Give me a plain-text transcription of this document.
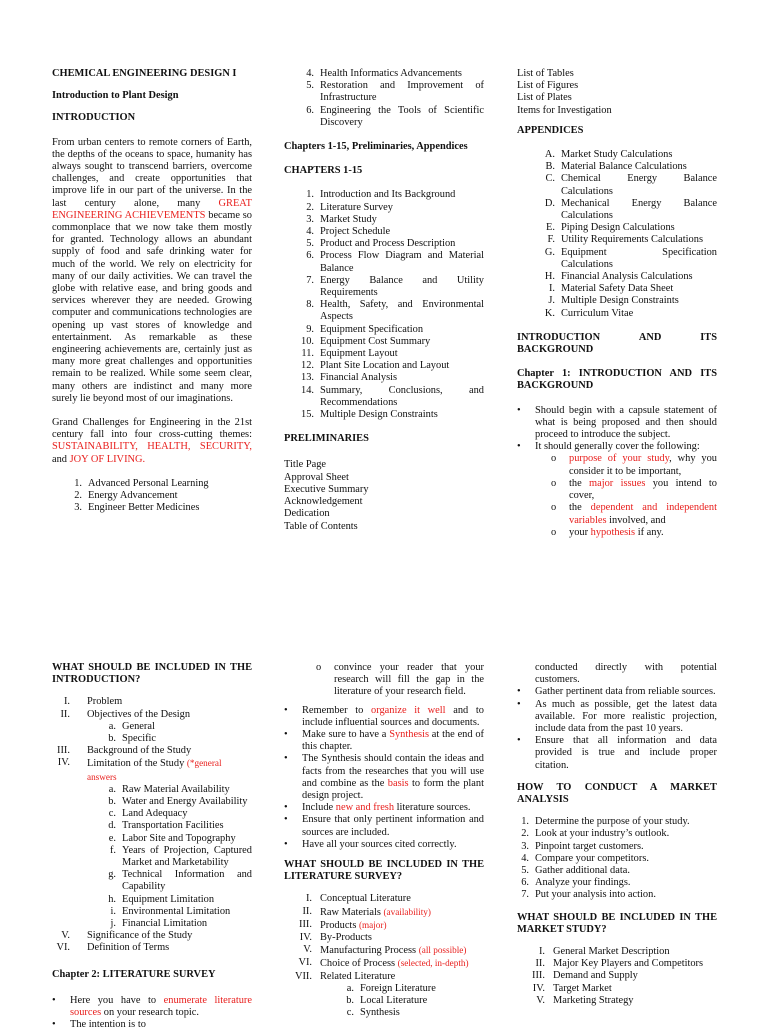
CHEMICAL ENGINEERING DESIGN I

Introduction to Plant Design

INTRODUCTION

From urban centers to remote corners of Earth, the depths of the oceans to space, humanity has always sought to transcend barriers, overcome challenges, and create opportunities that improve life in our part of the universe. In the last century alone, many GREAT ENGINEERING ACHIEVEMENTS became so commonplace that we now take them mostly for granted. Technology allows an abundant supply of food and safe drinking water for much of the world. We rely on electricity for many of our daily activities. We can travel the globe with relative ease, and bring goods and services wherever they are needed. Growing computer and communications technologies are opening up vast stores of knowledge and entertainment. As remarkable as these engineering achievements are, certainly just as many more great challenges and opportunities remain to be realized. While some seem clear, many others are indistinct and many more surely lie beyond most of our imaginations.

Grand Challenges for Engineering in the 21st century fall into four cross-cutting themes: SUSTAINABILITY, HEALTH, SECURITY, and JOY OF LIVING.

1. Advanced Personal Learning
2. Energy Advancement
3. Engineer Better Medicines
4. Health Informatics Advancements
5. Restoration and Improvement of Infrastructure
6. Engineering the Tools of Scientific Discovery

Chapters 1-15, Preliminaries, Appendices

CHAPTERS 1-15

1. Introduction and Its Background
2. Literature Survey
3. Market Study
4. Project Schedule
5. Product and Process Description
6. Process Flow Diagram and Material Balance
7. Energy Balance and Utility Requirements
8. Health, Safety, and Environmental Aspects
9. Equipment Specification
10. Equipment Cost Summary
11. Equipment Layout
12. Plant Site Location and Layout
13. Financial Analysis
14. Summary, Conclusions, and Recommendations
15. Multiple Design Constraints

PRELIMINARIES

Title Page
Approval Sheet
Executive Summary
Acknowledgement
Dedication
Table of Contents
List of Tables
List of Figures
List of Plates
Items for Investigation

APPENDICES

A. Market Study Calculations
B. Material Balance Calculations
C. Chemical Energy Balance Calculations
D. Mechanical Energy Balance Calculations
E. Piping Design Calculations
F. Utility Requirements Calculations
G. Equipment Specification Calculations
H. Financial Analysis Calculations
I. Material Safety Data Sheet
J. Multiple Design Constraints
K. Curriculum Vitae
INTRODUCTION	AND	ITS

BACKGROUND

Chapter 1: INTRODUCTION AND ITS BACKGROUND

•	Should begin with a capsule statement of what is being proposed and then should proceed to introduce the subject.
•	It should generally cover the following:
o	purpose of your study, why you consider it to be important,
o	the major issues you intend to cover,
o	the dependent and independent variables involved, and
o	your hypothesis if any.

WHAT SHOULD BE INCLUDED IN THE INTRODUCTION?

I.	Problem
II.	Objectives of the Design
a. General
b. Specific
III.	Background of the Study
IV.	Limitation of the Study (*general answers
a. Raw Material Availability
b. Water and Energy Availability
c. Land Adequacy
d. Transportation Facilities
e. Labor Site and Topography
f. Years of Projection, Captured Market and Marketability
g. Technical Information and Capability
h. Equipment Limitation
i. Environmental Limitation
j. Financial Limitation
V.	Significance of the Study
VI.	Definition of Terms

Chapter 2: LITERATURE SURVEY

•	Here you have to enumerate literature sources on your research topic.
•	The intention is to
o	convince your reader that your research will fill the gap in the literature of your research field.
•	Remember to organize it well and to include influential sources and documents.
•	Make sure to have a Synthesis at the end of this chapter.
•	The Synthesis should contain the ideas and facts from the researches that you will use and combine as the basis to form the plant design project.
•	Include new and fresh literature sources.
•	Ensure that only pertinent information and sources are included.
•	Have all your sources cited correctly.

WHAT SHOULD BE INCLUDED IN THE LITERATURE SURVEY?

I. Conceptual Literature
II. Raw Materials (availability)
III. Products (major)
IV. By-Products
V. Manufacturing Process (all possible)
VI. Choice of Process (selected, in-depth)
VII. Related Literature
a. Foreign Literature
b. Local Literature
c. Synthesis

conducted directly with potential customers.

•	Gather pertinent data from reliable sources.
•	As much as possible, get the latest data available. For more realistic projection, include data from the past 10 years.
•	Ensure that all information and data provided is true and include proper citation.

HOW TO CONDUCT A MARKET ANALYSIS

1. Determine the purpose of your study.
2. Look at your industry’s outlook.
3. Pinpoint target customers.
4. Compare your competitors.
5. Gather additional data.
6. Analyze your findings.
7. Put your analysis into action.

WHAT SHOULD BE INCLUDED IN THE MARKET STUDY?

I. General Market Description
II. Major Key Players and Competitors
III. Demand and Supply
IV. Target Market
V. Marketing Strategy
